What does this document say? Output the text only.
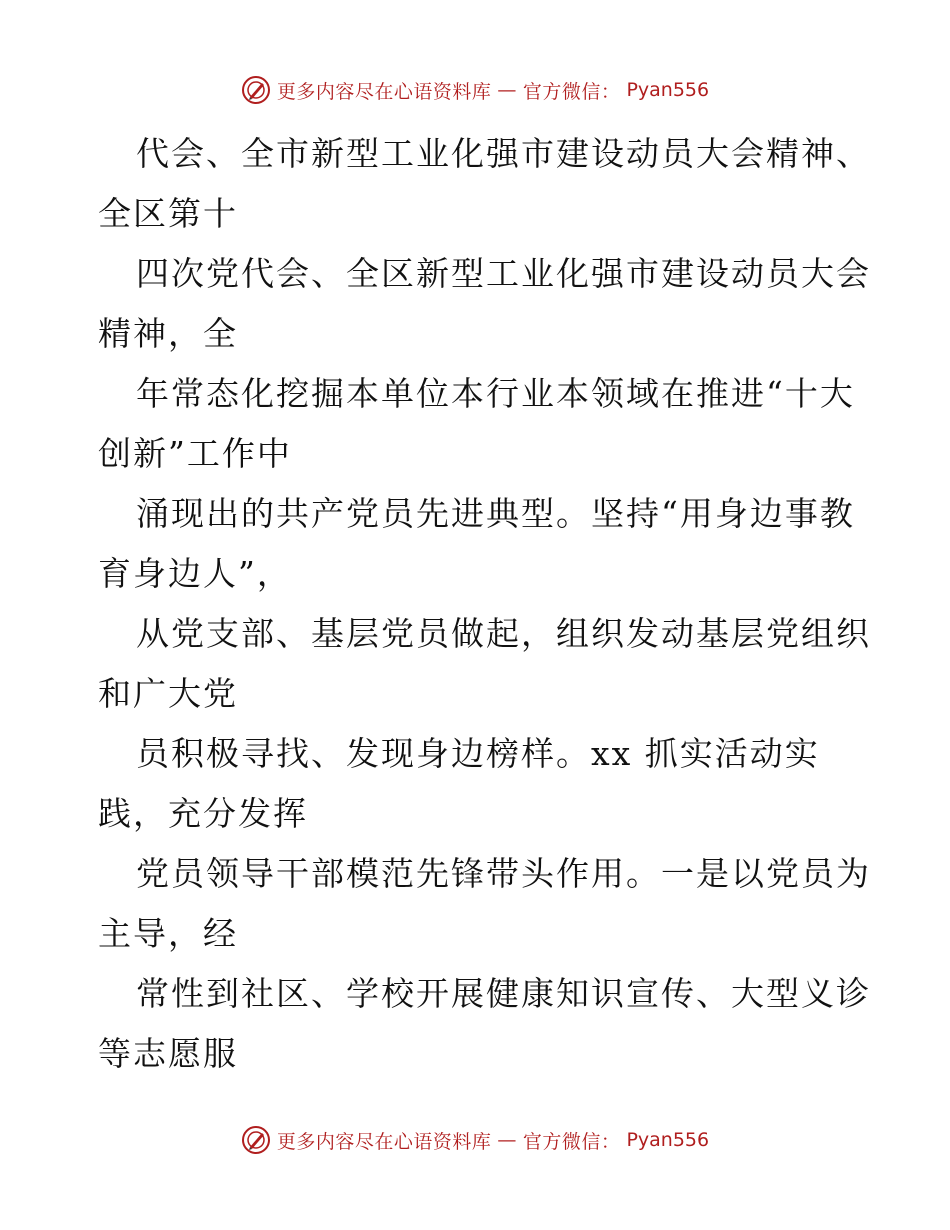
更多内容尽在心语资料库 — 官方微信： Pyan556
代会、全市新型工业化强市建设动员大会精神、
全区第十
四次党代会、全区新型工业化强市建设动员大会
精神，全
年常态化挖掘本单位本行业本领域在推进“十大
创新”工作中
涌现出的共产党员先进典型。坚持“用身边事教
育身边人”，
从党支部、基层党员做起，组织发动基层党组织
和广大党
员积极寻找、发现身边榜样。xx 抓实活动实
践，充分发挥
党员领导干部模范先锋带头作用。一是以党员为
主导，经
常性到社区、学校开展健康知识宣传、大型义诊
等志愿服
更多内容尽在心语资料库 — 官方微信： Pyan556
